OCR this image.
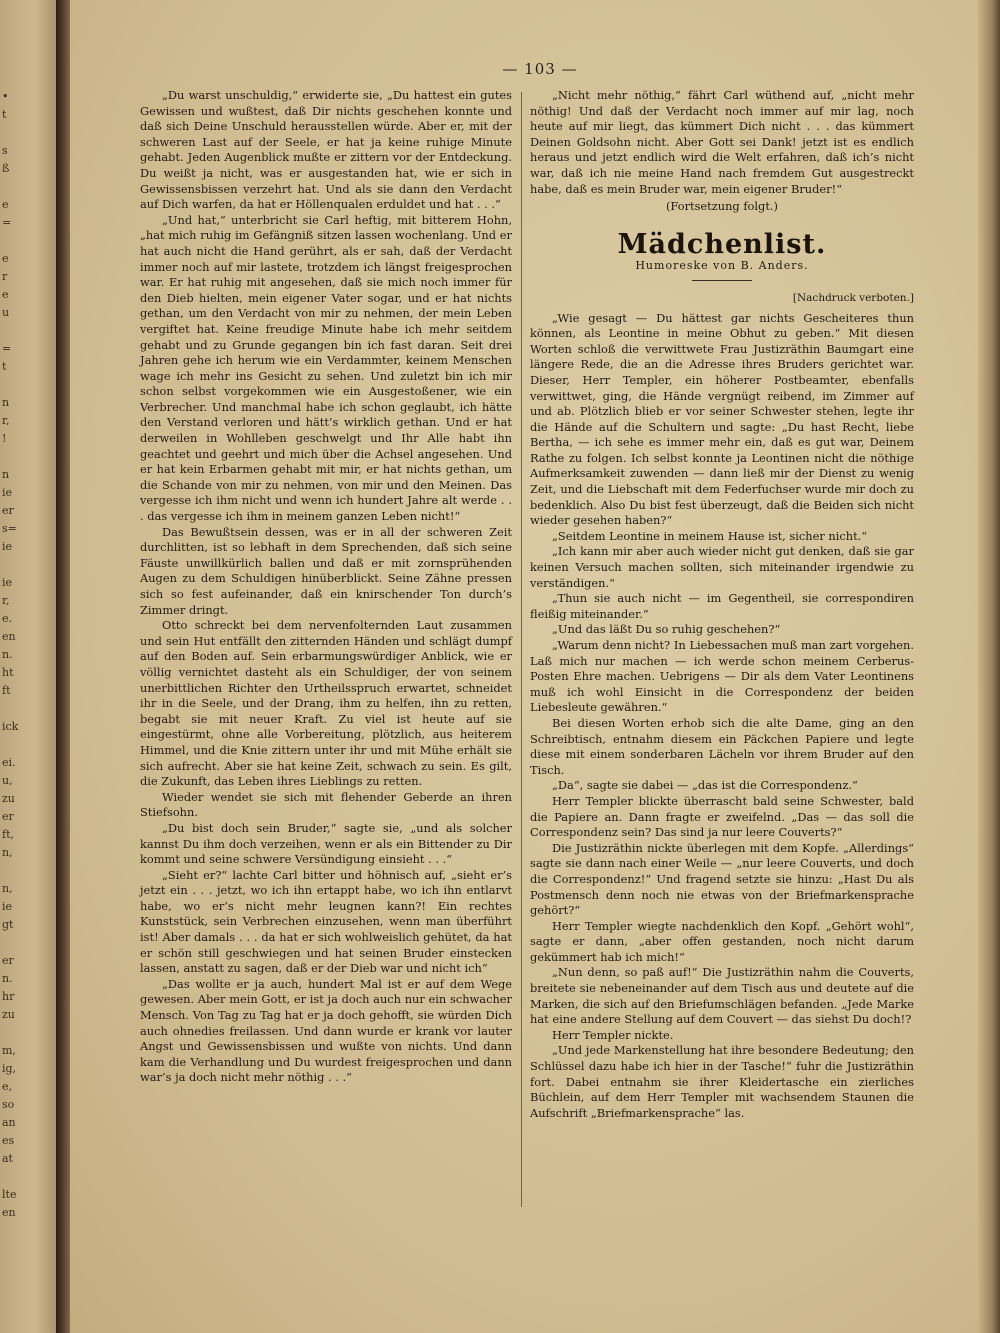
•
t

s
ß

e
=

e
r
e
u

=
t

n
r,
!

n
ie
er
s=
ie

ie
r,
e.
en
n.
ht
ft

ick

ei.
u,
zu
er
ft,
n,

n,
ie
gt

er
n.
hr
zu

m,
ig,
e,
so
an
es
at

lte
en
— 103 —

„Du warst unschuldig,“ erwiderte sie, „Du hattest ein gutes Gewissen und wußtest, daß Dir nichts geschehen konnte und daß sich Deine Unschuld herausstellen würde. Aber er, mit der schweren Last auf der Seele, er hat ja keine ruhige Minute gehabt. Jeden Augenblick mußte er zittern vor der Entdeckung. Du weißt ja nicht, was er ausgestanden hat, wie er sich in Gewissensbissen verzehrt hat. Und als sie dann den Verdacht auf Dich warfen, da hat er Höllenqualen erduldet und hat . . .“

„Und hat,“ unterbricht sie Carl heftig, mit bitterem Hohn, „hat mich ruhig im Gefängniß sitzen lassen wochenlang. Und er hat auch nicht die Hand gerührt, als er sah, daß der Verdacht immer noch auf mir lastete, trotzdem ich längst freigesprochen war. Er hat ruhig mit angesehen, daß sie mich noch immer für den Dieb hielten, mein eigener Vater sogar, und er hat nichts gethan, um den Verdacht von mir zu nehmen, der mein Leben vergiftet hat. Keine freudige Minute habe ich mehr seitdem gehabt und zu Grunde gegangen bin ich fast daran. Seit drei Jahren gehe ich herum wie ein Verdammter, keinem Menschen wage ich mehr ins Gesicht zu sehen. Und zuletzt bin ich mir schon selbst vorgekommen wie ein Ausgestoßener, wie ein Verbrecher. Und manchmal habe ich schon geglaubt, ich hätte den Verstand verloren und hätt’s wirklich gethan. Und er hat derweilen in Wohlleben geschwelgt und Ihr Alle habt ihn geachtet und geehrt und mich über die Achsel angesehen. Und er hat kein Erbarmen gehabt mit mir, er hat nichts gethan, um die Schande von mir zu nehmen, von mir und den Meinen. Das vergesse ich ihm nicht und wenn ich hundert Jahre alt werde . . . das vergesse ich ihm in meinem ganzen Leben nicht!“

Das Bewußtsein dessen, was er in all der schweren Zeit durchlitten, ist so lebhaft in dem Sprechenden, daß sich seine Fäuste unwillkürlich ballen und daß er mit zornsprühenden Augen zu dem Schuldigen hinüberblickt. Seine Zähne pressen sich so fest aufeinander, daß ein knirschender Ton durch’s Zimmer dringt.

Otto schreckt bei dem nervenfolternden Laut zusammen und sein Hut entfällt den zitternden Händen und schlägt dumpf auf den Boden auf. Sein erbarmungswürdiger Anblick, wie er völlig vernichtet dasteht als ein Schuldiger, der von seinem unerbittlichen Richter den Urtheilsspruch erwartet, schneidet ihr in die Seele, und der Drang, ihm zu helfen, ihn zu retten, begabt sie mit neuer Kraft. Zu viel ist heute auf sie eingestürmt, ohne alle Vorbereitung, plötzlich, aus heiterem Himmel, und die Knie zittern unter ihr und mit Mühe erhält sie sich aufrecht. Aber sie hat keine Zeit, schwach zu sein. Es gilt, die Zukunft, das Leben ihres Lieblings zu retten.

Wieder wendet sie sich mit flehender Geberde an ihren Stiefsohn.

„Du bist doch sein Bruder,“ sagte sie, „und als solcher kannst Du ihm doch verzeihen, wenn er als ein Bittender zu Dir kommt und seine schwere Versündigung einsieht . . .“

„Sieht er?“ lachte Carl bitter und höhnisch auf, „sieht er’s jetzt ein . . . jetzt, wo ich ihn ertappt habe, wo ich ihn entlarvt habe, wo er’s nicht mehr leugnen kann?! Ein rechtes Kunststück, sein Verbrechen einzusehen, wenn man überführt ist! Aber damals . . . da hat er sich wohlweislich gehütet, da hat er schön still geschwiegen und hat seinen Bruder einstecken lassen, anstatt zu sagen, daß er der Dieb war und nicht ich“

„Das wollte er ja auch, hundert Mal ist er auf dem Wege gewesen. Aber mein Gott, er ist ja doch auch nur ein schwacher Mensch. Von Tag zu Tag hat er ja doch gehofft, sie würden Dich auch ohnedies freilassen. Und dann wurde er krank vor lauter Angst und Gewissensbissen und wußte von nichts. Und dann kam die Verhandlung und Du wurdest freigesprochen und dann war’s ja doch nicht mehr nöthig . . .“

„Nicht mehr nöthig,“ fährt Carl wüthend auf, „nicht mehr nöthig! Und daß der Verdacht noch immer auf mir lag, noch heute auf mir liegt, das kümmert Dich nicht . . . das kümmert Deinen Goldsohn nicht. Aber Gott sei Dank! jetzt ist es endlich heraus und jetzt endlich wird die Welt erfahren, daß ich’s nicht war, daß ich nie meine Hand nach fremdem Gut ausgestreckt habe, daß es mein Bruder war, mein eigener Bruder!“

(Fortsetzung folgt.)

Mädchenlist.
Humoreske von B. Anders.
[Nachdruck verboten.]

„Wie gesagt — Du hättest gar nichts Gescheiteres thun können, als Leontine in meine Obhut zu geben.“ Mit diesen Worten schloß die verwittwete Frau Justizräthin Baumgart eine längere Rede, die an die Adresse ihres Bruders gerichtet war. Dieser, Herr Templer, ein höherer Postbeamter, ebenfalls verwittwet, ging, die Hände vergnügt reibend, im Zimmer auf und ab. Plötzlich blieb er vor seiner Schwester stehen, legte ihr die Hände auf die Schultern und sagte: „Du hast Recht, liebe Bertha, — ich sehe es immer mehr ein, daß es gut war, Deinem Rathe zu folgen. Ich selbst konnte ja Leontinen nicht die nöthige Aufmerksamkeit zuwenden — dann ließ mir der Dienst zu wenig Zeit, und die Liebschaft mit dem Federfuchser wurde mir doch zu bedenklich. Also Du bist fest überzeugt, daß die Beiden sich nicht wieder gesehen haben?“

„Seitdem Leontine in meinem Hause ist, sicher nicht.“

„Ich kann mir aber auch wieder nicht gut denken, daß sie gar keinen Versuch machen sollten, sich miteinander irgendwie zu verständigen.“

„Thun sie auch nicht — im Gegentheil, sie correspondiren fleißig miteinander.“

„Und das läßt Du so ruhig geschehen?“

„Warum denn nicht? In Liebessachen muß man zart vorgehen. Laß mich nur machen — ich werde schon meinem Cerberus-Posten Ehre machen. Uebrigens — Dir als dem Vater Leontinens muß ich wohl Einsicht in die Correspondenz der beiden Liebesleute gewähren.“

Bei diesen Worten erhob sich die alte Dame, ging an den Schreibtisch, entnahm diesem ein Päckchen Papiere und legte diese mit einem sonderbaren Lächeln vor ihrem Bruder auf den Tisch.

„Da“, sagte sie dabei — „das ist die Correspondenz.“

Herr Templer blickte überrascht bald seine Schwester, bald die Papiere an. Dann fragte er zweifelnd. „Das — das soll die Correspondenz sein? Das sind ja nur leere Couverts?“

Die Justizräthin nickte überlegen mit dem Kopfe. „Allerdings“ sagte sie dann nach einer Weile — „nur leere Couverts, und doch die Correspondenz!“ Und fragend setzte sie hinzu: „Hast Du als Postmensch denn noch nie etwas von der Briefmarkensprache gehört?“

Herr Templer wiegte nachdenklich den Kopf. „Gehört wohl“, sagte er dann, „aber offen gestanden, noch nicht darum gekümmert hab ich mich!“

„Nun denn, so paß auf!“ Die Justizräthin nahm die Couverts, breitete sie nebeneinander auf dem Tisch aus und deutete auf die Marken, die sich auf den Briefumschlägen befanden. „Jede Marke hat eine andere Stellung auf dem Couvert — das siehst Du doch!?

Herr Templer nickte.

„Und jede Markenstellung hat ihre besondere Bedeutung; den Schlüssel dazu habe ich hier in der Tasche!“ fuhr die Justizräthin fort. Dabei entnahm sie ihrer Kleidertasche ein zierliches Büchlein, auf dem Herr Templer mit wachsendem Staunen die Aufschrift „Briefmarkensprache“ las.
